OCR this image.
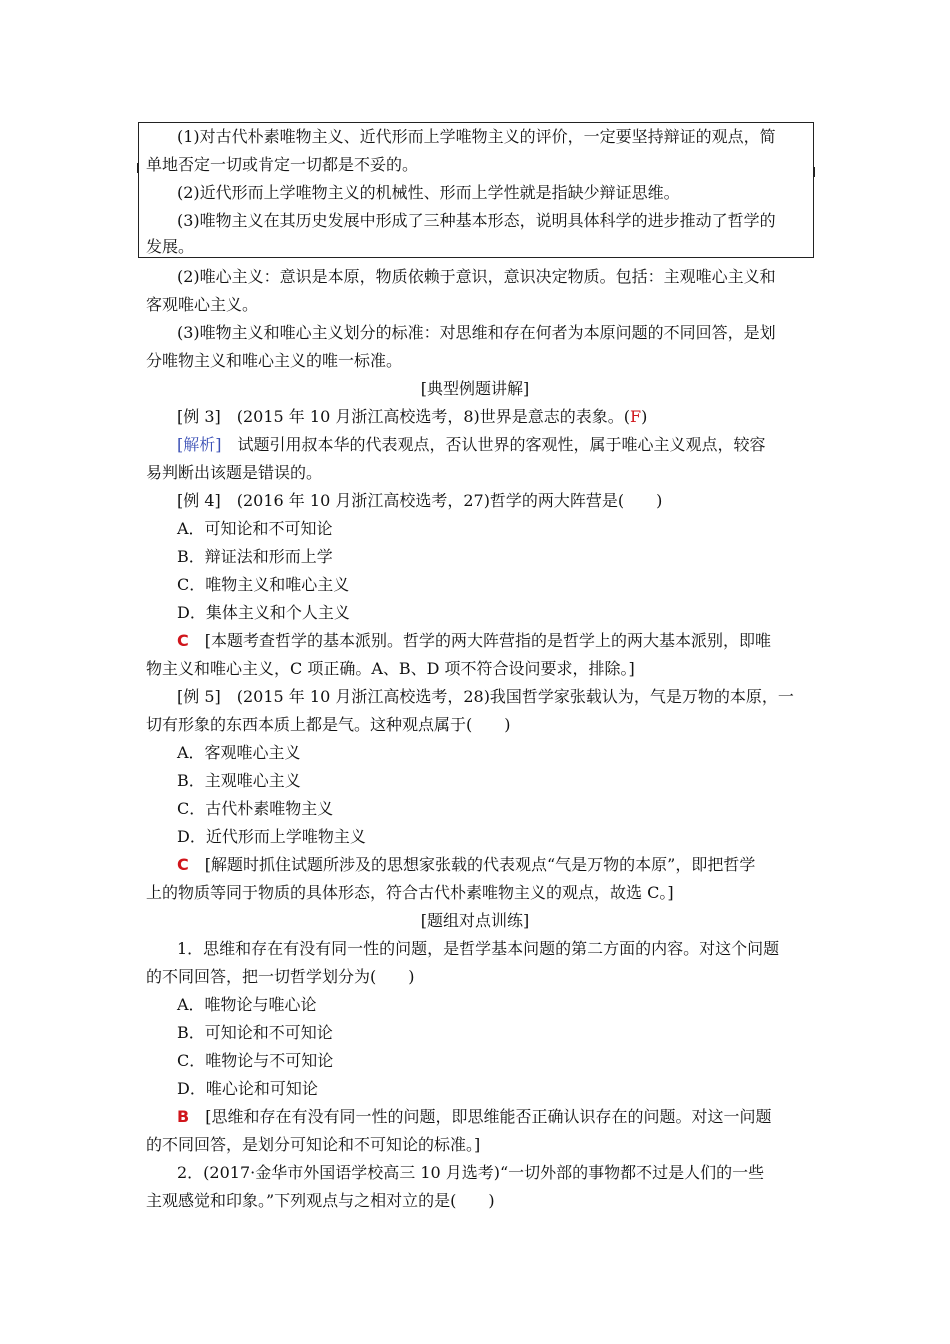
(1)对古代朴素唯物主义、近代形而上学唯物主义的评价，一定要坚持辩证的观点，简
单地否定一切或肯定一切都是不妥的。
(2)近代形而上学唯物主义的机械性、形而上学性就是指缺少辩证思维。
(3)唯物主义在其历史发展中形成了三种基本形态，说明具体科学的进步推动了哲学的
发展。
(2)唯心主义：意识是本原，物质依赖于意识，意识决定物质。包括：主观唯心主义和
客观唯心主义。
(3)唯物主义和唯心主义划分的标准：对思维和存在何者为本原问题的不同回答，是划
分唯物主义和唯心主义的唯一标准。
[典型例题讲解]
[例 3]　(2015 年 10 月浙江高校选考，8)世界是意志的表象。(F)
[解析]　试题引用叔本华的代表观点，否认世界的客观性，属于唯心主义观点，较容
易判断出该题是错误的。
[例 4]　(2016 年 10 月浙江高校选考，27)哲学的两大阵营是(　　)
A．可知论和不可知论
B．辩证法和形而上学
C．唯物主义和唯心主义
D．集体主义和个人主义
C　[本题考查哲学的基本派别。哲学的两大阵营指的是哲学上的两大基本派别，即唯
物主义和唯心主义，C 项正确。A、B、D 项不符合设问要求，排除。]
[例 5]　(2015 年 10 月浙江高校选考，28)我国哲学家张载认为，气是万物的本原，一
切有形象的东西本质上都是气。这种观点属于(　　)
A．客观唯心主义
B．主观唯心主义
C．古代朴素唯物主义
D．近代形而上学唯物主义
C　[解题时抓住试题所涉及的思想家张载的代表观点“气是万物的本原”，即把哲学
上的物质等同于物质的具体形态，符合古代朴素唯物主义的观点，故选 C。]
[题组对点训练]
1．思维和存在有没有同一性的问题，是哲学基本问题的第二方面的内容。对这个问题
的不同回答，把一切哲学划分为(　　)
A．唯物论与唯心论
B．可知论和不可知论
C．唯物论与不可知论
D．唯心论和可知论
B　[思维和存在有没有同一性的问题，即思维能否正确认识存在的问题。对这一问题
的不同回答，是划分可知论和不可知论的标准。]
2．(2017·金华市外国语学校高三 10 月选考)“一切外部的事物都不过是人们的一些
主观感觉和印象。”下列观点与之相对立的是(　　)
